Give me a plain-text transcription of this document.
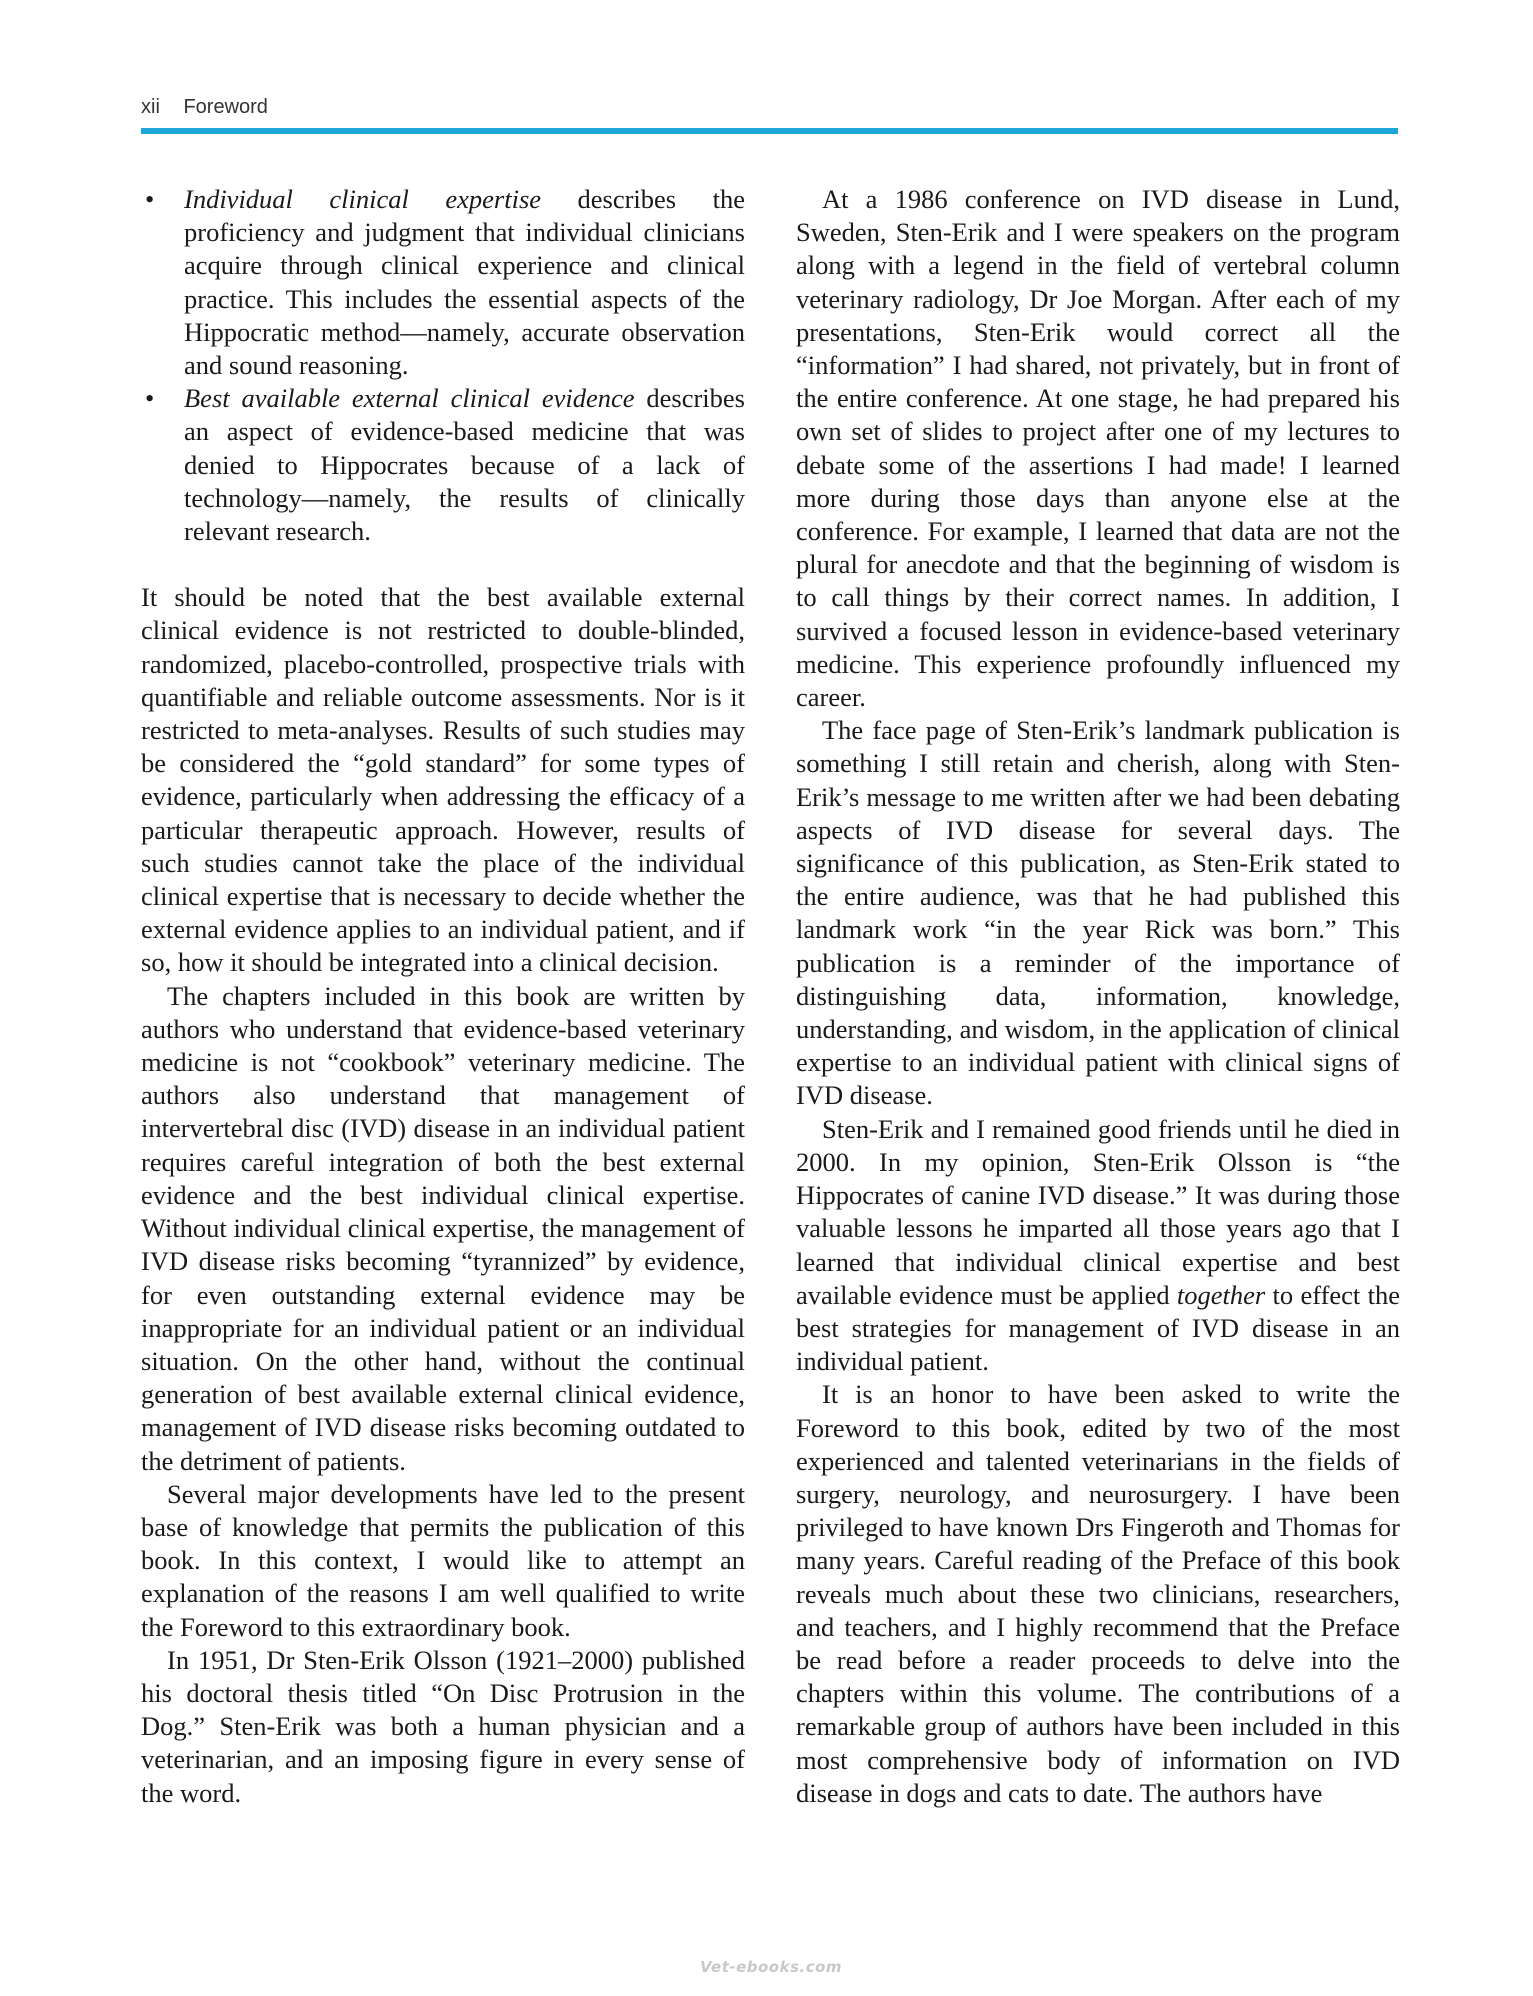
xii Foreword
• Individual clinical expertise describes the proficiency and judgment that individual clinicians acquire through clinical experience and clinical practice. This includes the essential aspects of the Hippocratic method—namely, accurate observation and sound reasoning.
• Best available external clinical evidence describes an aspect of evidence-based medicine that was denied to Hippocrates because of a lack of technology—namely, the results of clinically relevant research.

It should be noted that the best available external clinical evidence is not restricted to double-blinded, randomized, placebo-controlled, prospective trials with quantifiable and reliable outcome assessments. Nor is it restricted to meta-analyses. Results of such studies may be considered the “gold standard” for some types of evidence, particularly when addressing the efficacy of a particular therapeutic approach. However, results of such studies cannot take the place of the individual clinical expertise that is necessary to decide whether the external evidence applies to an individual patient, and if so, how it should be integrated into a clinical decision.

The chapters included in this book are written by authors who understand that evidence-based veterinary medicine is not “cookbook” veterinary medicine. The authors also understand that management of intervertebral disc (IVD) disease in an individual patient requires careful integration of both the best external evidence and the best individual clinical expertise. Without individual clinical expertise, the management of IVD disease risks becoming “tyrannized” by evidence, for even outstanding external evidence may be inappropriate for an individual patient or an individual situation. On the other hand, without the continual generation of best available external clinical evidence, management of IVD disease risks becoming outdated to the detriment of patients.

Several major developments have led to the present base of knowledge that permits the publication of this book. In this context, I would like to attempt an explanation of the reasons I am well qualified to write the Foreword to this extraordinary book.

In 1951, Dr Sten-Erik Olsson (1921–2000) published his doctoral thesis titled “On Disc Protrusion in the Dog.” Sten-Erik was both a human physician and a veterinarian, and an imposing figure in every sense of the word.

At a 1986 conference on IVD disease in Lund, Sweden, Sten-Erik and I were speakers on the program along with a legend in the field of vertebral column veterinary radiology, Dr Joe Morgan. After each of my presentations, Sten-Erik would correct all the “information” I had shared, not privately, but in front of the entire conference. At one stage, he had prepared his own set of slides to project after one of my lectures to debate some of the assertions I had made! I learned more during those days than anyone else at the conference. For example, I learned that data are not the plural for anecdote and that the beginning of wisdom is to call things by their correct names. In addition, I survived a focused lesson in evidence-based veterinary medicine. This experience profoundly influenced my career.

The face page of Sten-Erik’s landmark publication is something I still retain and cherish, along with Sten-Erik’s message to me written after we had been debating aspects of IVD disease for several days. The significance of this publication, as Sten-Erik stated to the entire audience, was that he had published this landmark work “in the year Rick was born.” This publication is a reminder of the importance of distinguishing data, information, knowledge, understanding, and wisdom, in the application of clinical expertise to an individual patient with clinical signs of IVD disease.

Sten-Erik and I remained good friends until he died in 2000. In my opinion, Sten-Erik Olsson is “the Hippocrates of canine IVD disease.” It was during those valuable lessons he imparted all those years ago that I learned that individual clinical expertise and best available evidence must be applied together to effect the best strategies for management of IVD disease in an individual patient.

It is an honor to have been asked to write the Foreword to this book, edited by two of the most experienced and talented veterinarians in the fields of surgery, neurology, and neurosurgery. I have been privileged to have known Drs Fingeroth and Thomas for many years. Careful reading of the Preface of this book reveals much about these two clinicians, researchers, and teachers, and I highly recommend that the Preface be read before a reader proceeds to delve into the chapters within this volume. The contributions of a remarkable group of authors have been included in this most comprehensive body of information on IVD disease in dogs and cats to date. The authors have

Vet-ebooks.com
